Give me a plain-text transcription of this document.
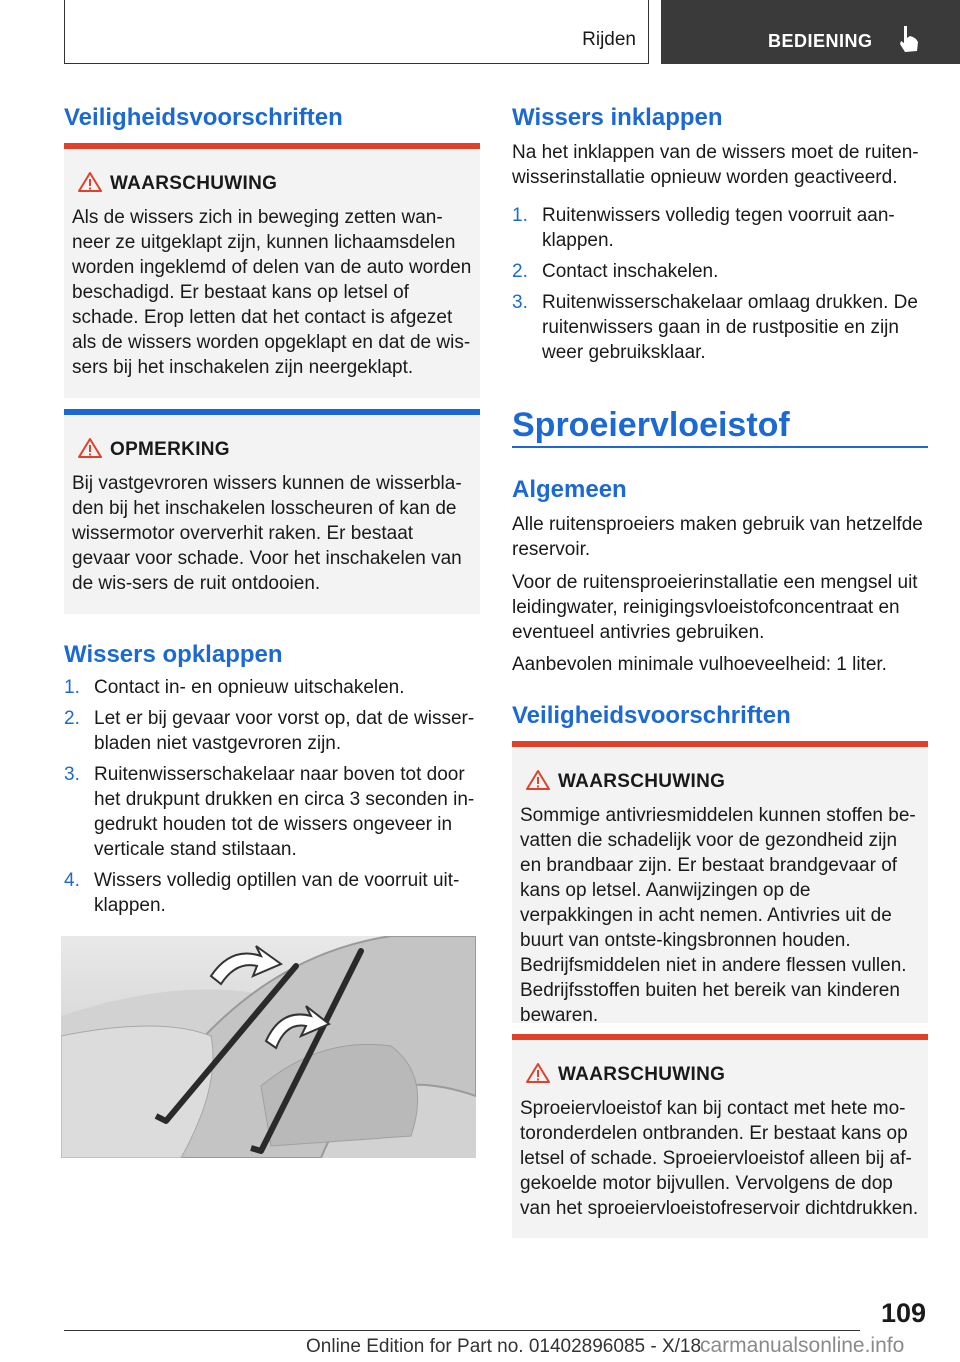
Rijden	BEDIENING
Veiligheidsvoorschriften
WAARSCHUWING

Als de wissers zich in beweging zetten wan-neer ze uitgeklapt zijn, kunnen lichaamsdelen worden ingeklemd of delen van de auto worden beschadigd. Er bestaat kans op letsel of schade. Erop letten dat het contact is afgezet als de wissers worden opgeklapt en dat de wis-sers bij het inschakelen zijn neergeklapt.

OPMERKING

Bij vastgevroren wissers kunnen de wisserbla-den bij het inschakelen losscheuren of kan de wissermotor oververhit raken. Er bestaat gevaar voor schade. Voor het inschakelen van de wis-sers de ruit ontdooien.

Wissers opklappen
1. Contact in- en opnieuw uitschakelen.
2. Let er bij gevaar voor vorst op, dat de wisser-bladen niet vastgevroren zijn.
3. Ruitenwisserschakelaar naar boven tot door het drukpunt drukken en circa 3 seconden in-gedrukt houden tot de wissers ongeveer in verticale stand stilstaan.
4. Wissers volledig optillen van de voorruit uit-klappen.
Wissers inklappen

Na het inklappen van de wissers moet de ruiten-wisserinstallatie opnieuw worden geactiveerd.

1. Ruitenwissers volledig tegen voorruit aan-klappen.
2. Contact inschakelen.
3. Ruitenwisserschakelaar omlaag drukken. De ruitenwissers gaan in de rustpositie en zijn weer gebruiksklaar.
Sproeiervloeistof
Algemeen

Alle ruitensproeiers maken gebruik van hetzelfde reservoir.

Voor de ruitensproeierinstallatie een mengsel uit leidingwater, reinigingsvloeistofconcentraat en eventueel antivries gebruiken.

Aanbevolen minimale vulhoeveelheid: 1 liter.

Veiligheidsvoorschriften
WAARSCHUWING

Sommige antivriesmiddelen kunnen stoffen be-vatten die schadelijk voor de gezondheid zijn en brandbaar zijn. Er bestaat brandgevaar of kans op letsel. Aanwijzingen op de verpakkingen in acht nemen. Antivries uit de buurt van ontste-kingsbronnen houden. Bedrijfsmiddelen niet in andere flessen vullen. Bedrijfsstoffen buiten het bereik van kinderen bewaren.

WAARSCHUWING

Sproeiervloeistof kan bij contact met hete mo-toronderdelen ontbranden. Er bestaat kans op letsel of schade. Sproeiervloeistof alleen bij af-gekoelde motor bijvullen. Vervolgens de dop van het sproeiervloeistofreservoir dichtdrukken.

109
Online Edition for Part no. 01402896085 - X/18
carmanualsonline.info
